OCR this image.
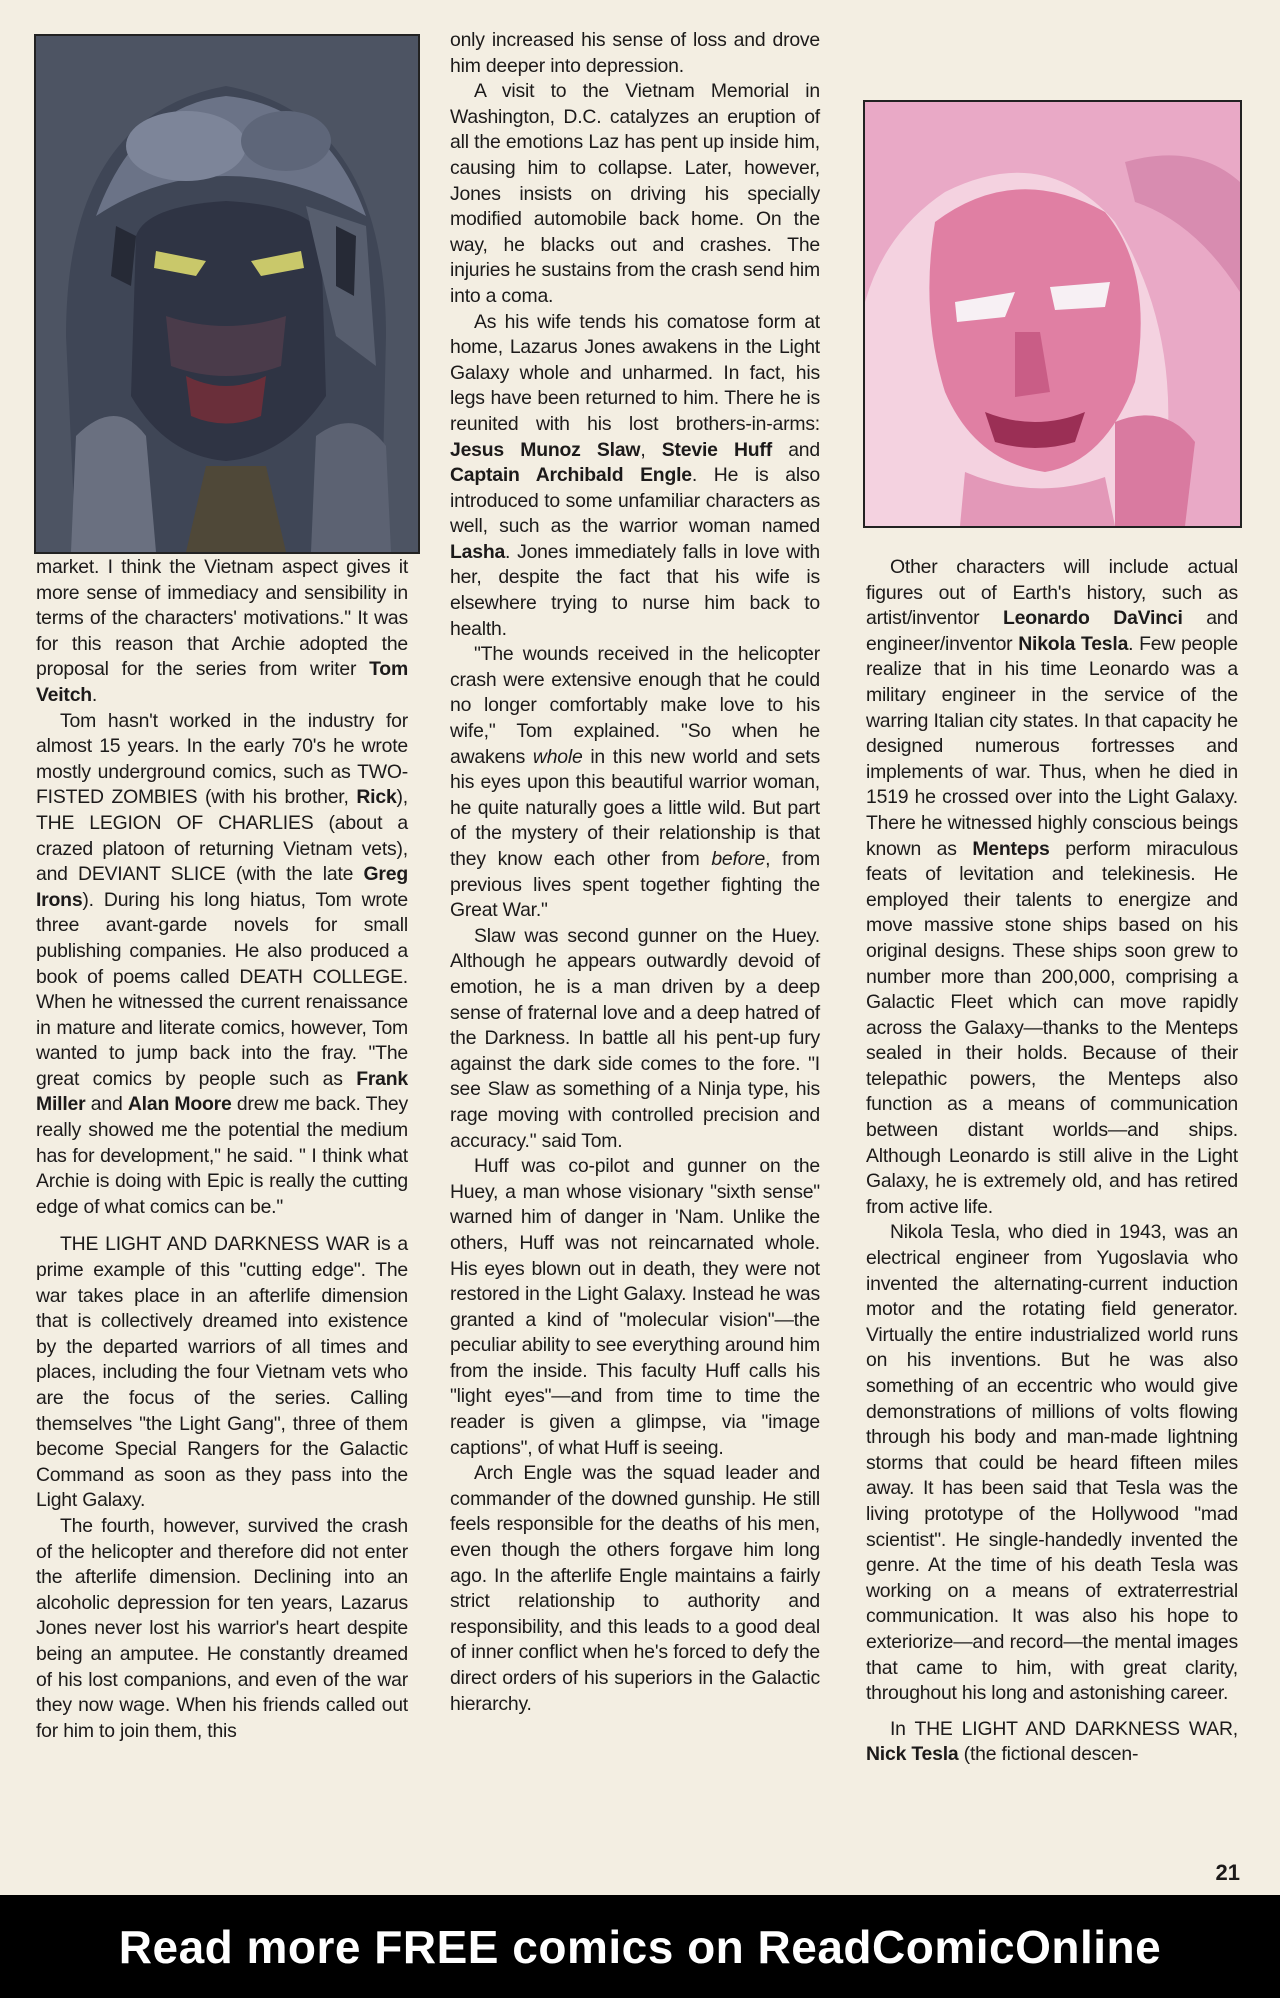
market. I think the Vietnam aspect gives it more sense of immediacy and sensibility in terms of the characters' motivations." It was for this reason that Archie adopted the proposal for the series from writer Tom Veitch.

Tom hasn't worked in the industry for almost 15 years. In the early 70's he wrote mostly underground comics, such as TWO-FISTED ZOMBIES (with his brother, Rick), THE LEGION OF CHARLIES (about a crazed platoon of returning Vietnam vets), and DEVIANT SLICE (with the late Greg Irons). During his long hiatus, Tom wrote three avant-garde novels for small publishing companies. He also produced a book of poems called DEATH COLLEGE. When he witnessed the current renaissance in mature and literate comics, however, Tom wanted to jump back into the fray. "The great comics by people such as Frank Miller and Alan Moore drew me back. They really showed me the potential the medium has for development," he said. " I think what Archie is doing with Epic is really the cutting edge of what comics can be."

THE LIGHT AND DARKNESS WAR is a prime example of this "cutting edge". The war takes place in an afterlife dimension that is collectively dreamed into existence by the departed warriors of all times and places, including the four Vietnam vets who are the focus of the series. Calling themselves "the Light Gang", three of them become Special Rangers for the Galactic Command as soon as they pass into the Light Galaxy.

The fourth, however, survived the crash of the helicopter and therefore did not enter the afterlife dimension. Declining into an alcoholic depression for ten years, Lazarus Jones never lost his warrior's heart despite being an amputee. He constantly dreamed of his lost companions, and even of the war they now wage. When his friends called out for him to join them, this

only increased his sense of loss and drove him deeper into depression.

A visit to the Vietnam Memorial in Washington, D.C. catalyzes an eruption of all the emotions Laz has pent up inside him, causing him to collapse. Later, however, Jones insists on driving his specially modified automobile back home. On the way, he blacks out and crashes. The injuries he sustains from the crash send him into a coma.

As his wife tends his comatose form at home, Lazarus Jones awakens in the Light Galaxy whole and unharmed. In fact, his legs have been returned to him. There he is reunited with his lost brothers-in-arms: Jesus Munoz Slaw, Stevie Huff and Captain Archibald Engle. He is also introduced to some unfamiliar characters as well, such as the warrior woman named Lasha. Jones immediately falls in love with her, despite the fact that his wife is elsewhere trying to nurse him back to health.

"The wounds received in the helicopter crash were extensive enough that he could no longer comfortably make love to his wife," Tom explained. "So when he awakens whole in this new world and sets his eyes upon this beautiful warrior woman, he quite naturally goes a little wild. But part of the mystery of their relationship is that they know each other from before, from previous lives spent together fighting the Great War."

Slaw was second gunner on the Huey. Although he appears outwardly devoid of emotion, he is a man driven by a deep sense of fraternal love and a deep hatred of the Darkness. In battle all his pent-up fury against the dark side comes to the fore. "I see Slaw as something of a Ninja type, his rage moving with controlled precision and accuracy." said Tom.

Huff was co-pilot and gunner on the Huey, a man whose visionary "sixth sense" warned him of danger in 'Nam. Unlike the others, Huff was not reincarnated whole. His eyes blown out in death, they were not restored in the Light Galaxy. Instead he was granted a kind of "molecular vision"—the peculiar ability to see everything around him from the inside. This faculty Huff calls his "light eyes"—and from time to time the reader is given a glimpse, via "image captions", of what Huff is seeing.

Arch Engle was the squad leader and commander of the downed gunship. He still feels responsible for the deaths of his men, even though the others forgave him long ago. In the afterlife Engle maintains a fairly strict relationship to authority and responsibility, and this leads to a good deal of inner conflict when he's forced to defy the direct orders of his superiors in the Galactic hierarchy.

Other characters will include actual figures out of Earth's history, such as artist/inventor Leonardo DaVinci and engineer/inventor Nikola Tesla. Few people realize that in his time Leonardo was a military engineer in the service of the warring Italian city states. In that capacity he designed numerous fortresses and implements of war. Thus, when he died in 1519 he crossed over into the Light Galaxy. There he witnessed highly conscious beings known as Menteps perform miraculous feats of levitation and telekinesis. He employed their talents to energize and move massive stone ships based on his original designs. These ships soon grew to number more than 200,000, comprising a Galactic Fleet which can move rapidly across the Galaxy—thanks to the Menteps sealed in their holds. Because of their telepathic powers, the Menteps also function as a means of communication between distant worlds—and ships. Although Leonardo is still alive in the Light Galaxy, he is extremely old, and has retired from active life.

Nikola Tesla, who died in 1943, was an electrical engineer from Yugoslavia who invented the alternating-current induction motor and the rotating field generator. Virtually the entire industrialized world runs on his inventions. But he was also something of an eccentric who would give demonstrations of millions of volts flowing through his body and man-made lightning storms that could be heard fifteen miles away. It has been said that Tesla was the living prototype of the Hollywood "mad scientist". He single-handedly invented the genre. At the time of his death Tesla was working on a means of extraterrestrial communication. It was also his hope to exteriorize—and record—the mental images that came to him, with great clarity, throughout his long and astonishing career.

In THE LIGHT AND DARKNESS WAR, Nick Tesla (the fictional descen-

21
Read more FREE comics on ReadComicOnline
